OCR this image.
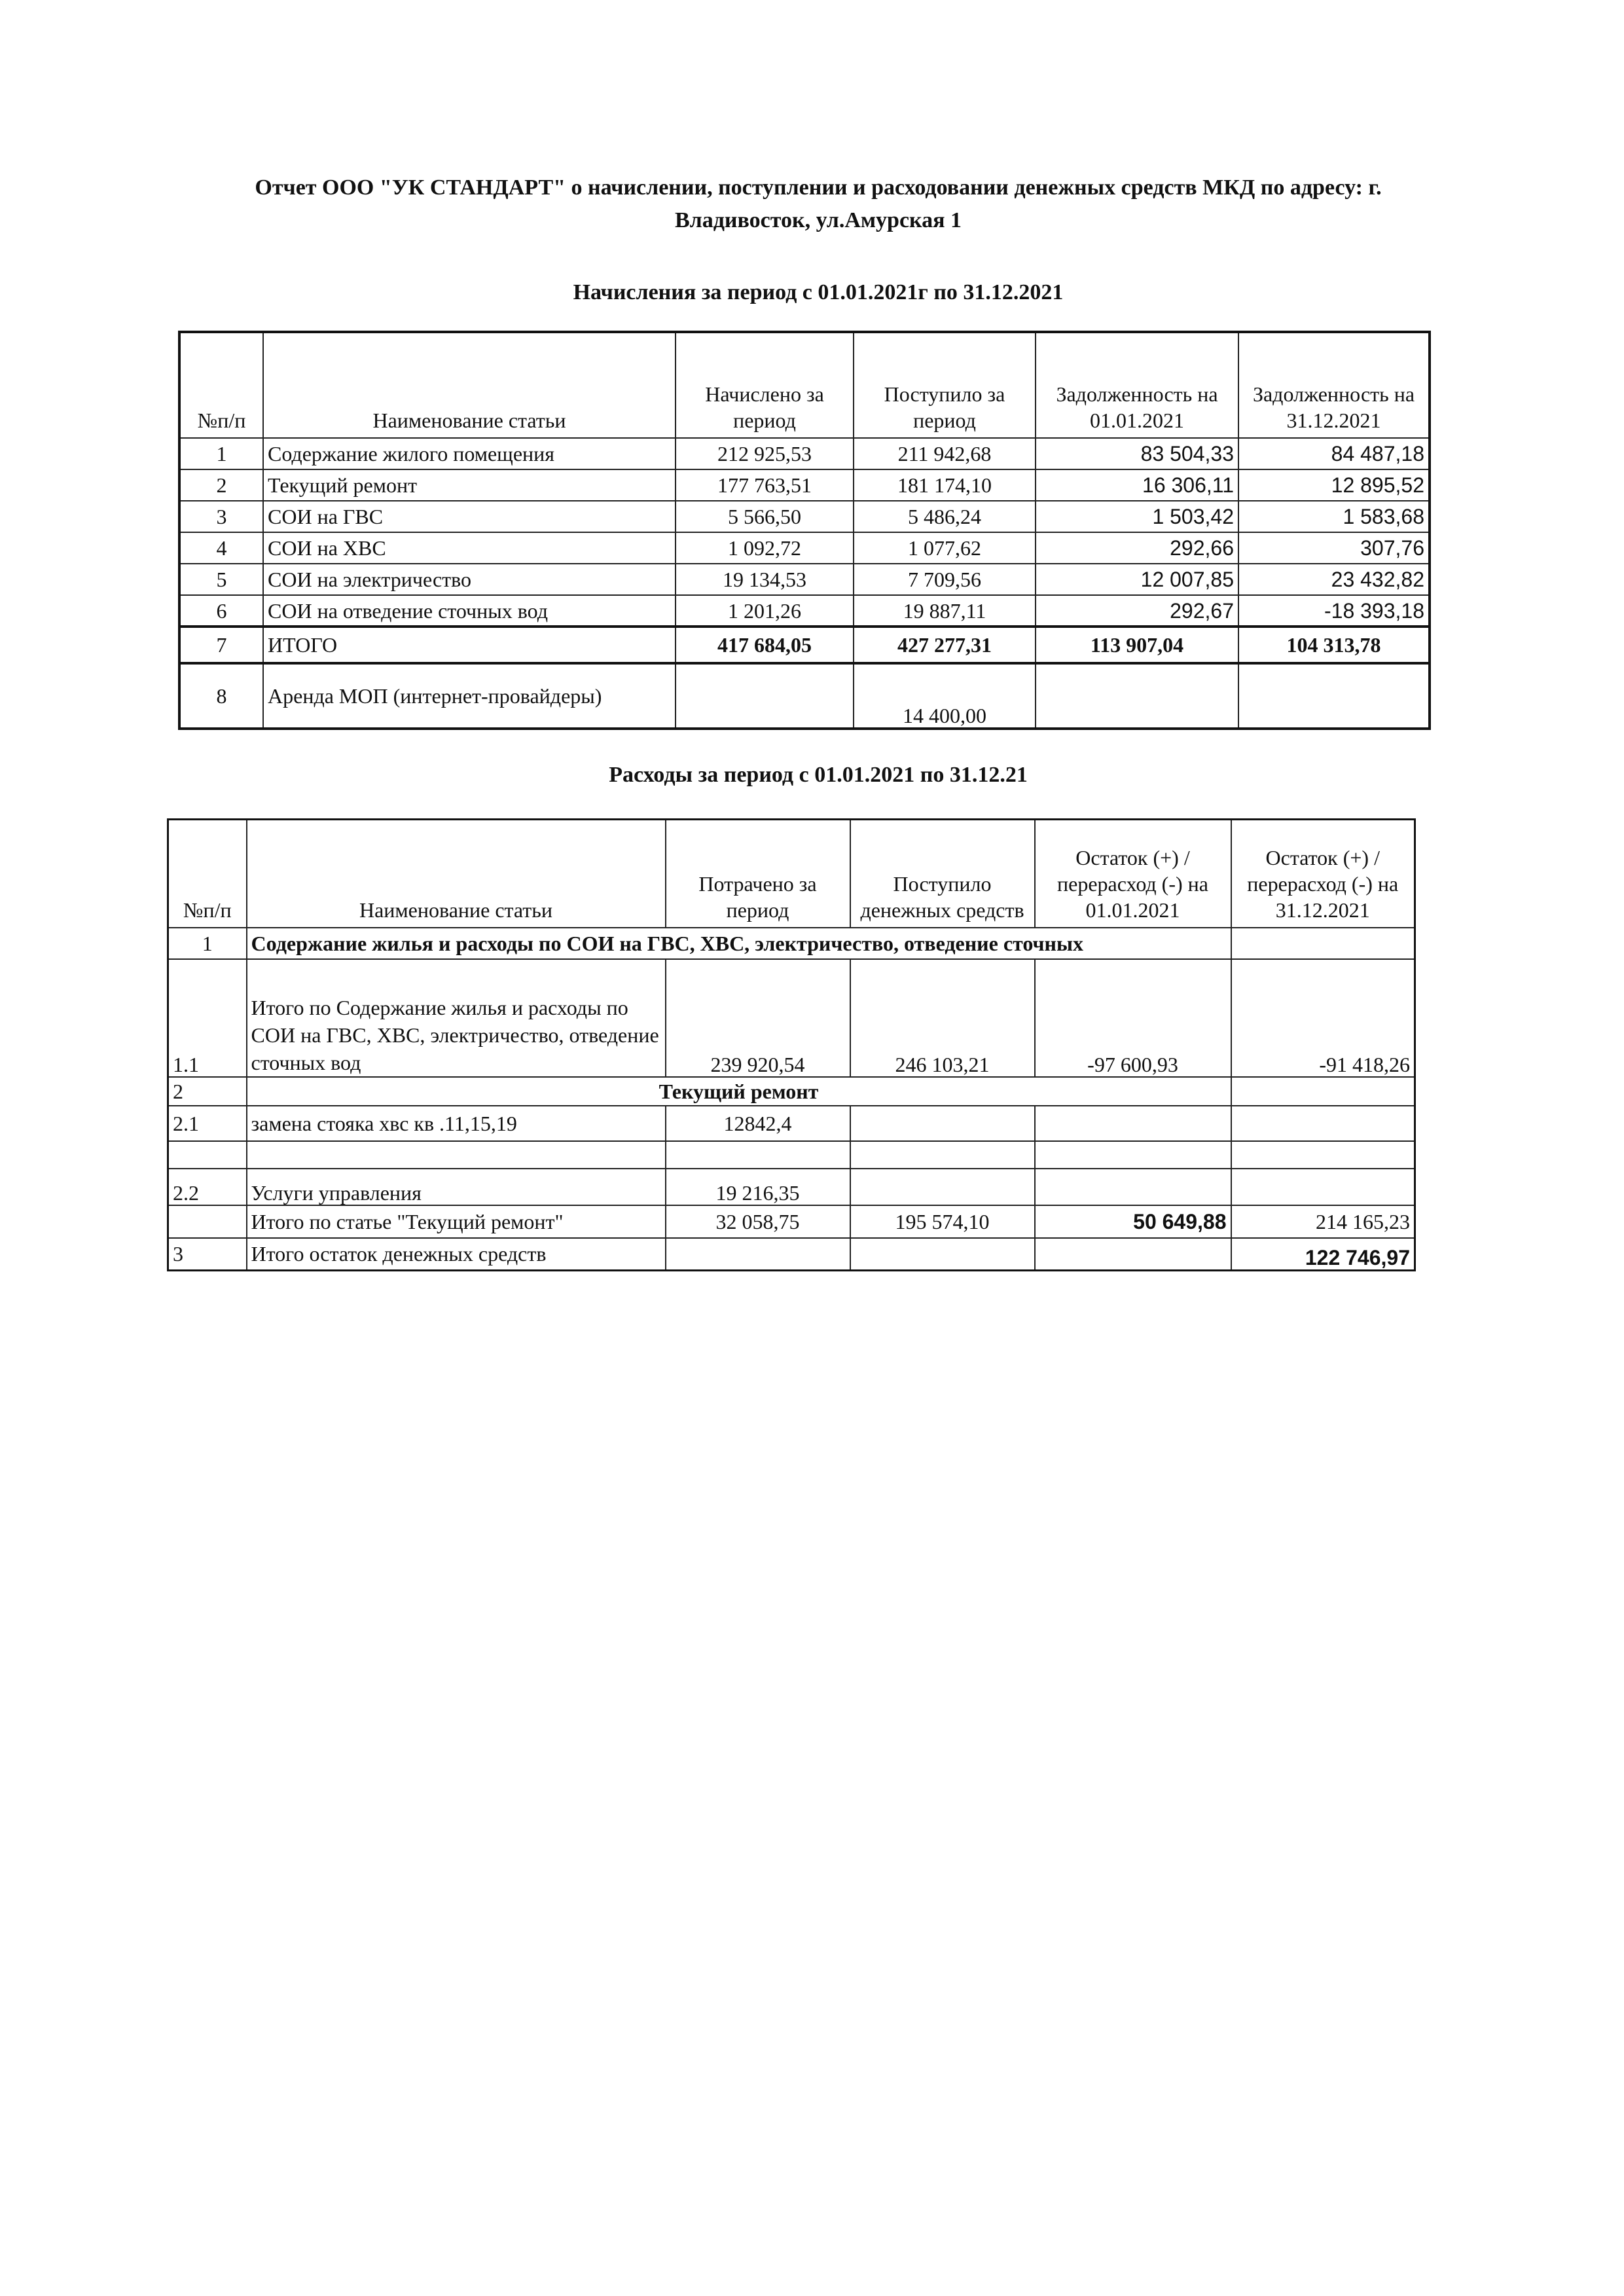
Отчет ООО "УК СТАНДАРТ" о начислении, поступлении и расходовании денежных средств МКД по адресу: г.
Владивосток, ул.Амурская 1
Начисления за период с 01.01.2021г по 31.12.2021
№п/п	Наименование статьи	Начислено за период	Поступило за период	Задолженность на 01.01.2021	Задолженность на 31.12.2021
1	Содержание жилого помещения	212 925,53	211 942,68	83 504,33	84 487,18
2	Текущий ремонт	177 763,51	181 174,10	16 306,11	12 895,52
3	СОИ на ГВС	5 566,50	5 486,24	1 503,42	1 583,68
4	СОИ на ХВС	1 092,72	1 077,62	292,66	307,76
5	СОИ на электричество	19 134,53	7 709,56	12 007,85	23 432,82
6	СОИ на отведение сточных вод	1 201,26	19 887,11	292,67	-18 393,18
7	ИТОГО	417 684,05	427 277,31	113 907,04	104 313,78
8	Аренда МОП (интернет-провайдеры)		14 400,00		
Расходы за период с 01.01.2021 по 31.12.21
№п/п	Наименование статьи	Потрачено за период	Поступило денежных средств	Остаток (+) / перерасход (-) на 01.01.2021	Остаток (+) / перерасход (-) на 31.12.2021
1	Содержание жилья и расходы по СОИ на ГВС, ХВС, электричество, отведение сточных				
1.1	Итого по Содержание жилья и расходы по СОИ на ГВС, ХВС, электричество, отведение сточных вод	239 920,54	246 103,21	-97 600,93	-91 418,26
2	Текущий ремонт				
2.1	замена стояка хвс кв .11,15,19	12842,4			

2.2	Услуги управления	19 216,35			
	Итого по статье "Текущий ремонт"	32 058,75	195 574,10	50 649,88	214 165,23
3	Итого остаток денежных средств				122 746,97
